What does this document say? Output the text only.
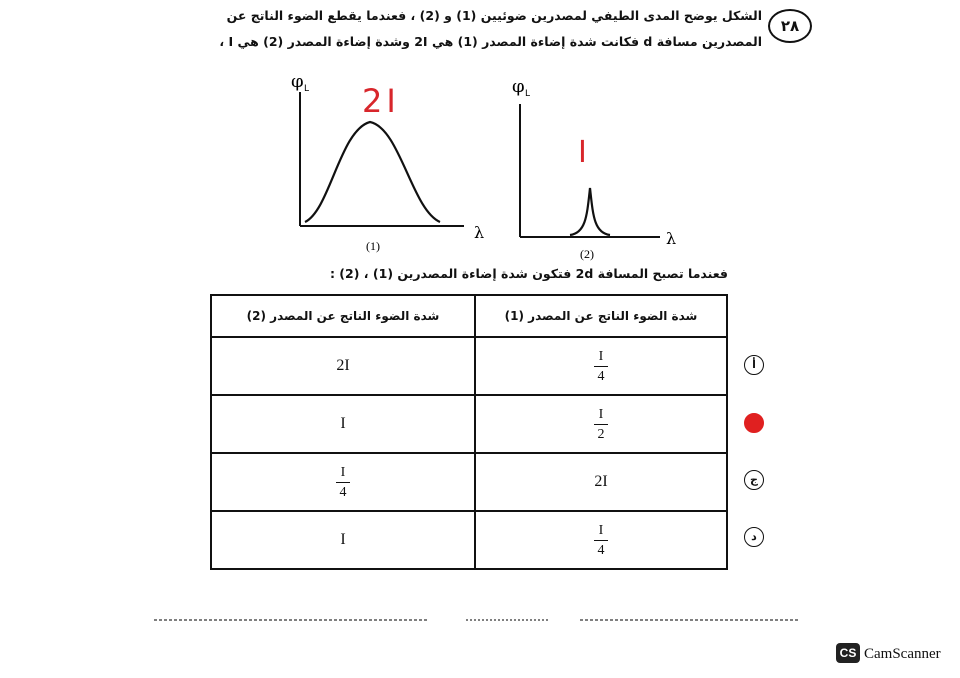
٢٨
الشكل يوضح المدى الطيفي لمصدرين ضوئيين (1) و (2) ، فعندما يقطع الضوء الناتج عن
المصدرين مسافة d فكانت شدة إضاءة المصدر (1) هي 2I وشدة إضاءة المصدر (2) هي I ،
φ L
λ
(1)
2I	φ L
λ
(2)
I
فعندما تصبح المسافة 2d فتكون شدة إضاءة المصدرين (1) ، (2) :
شدة الضوء الناتج عن المصدر (2)	شدة الضوء الناتج عن المصدر (1)
2I	$\frac{I}{4}$

I	$\frac{I}{2}$

$\frac{I}{4}$	2I
I	$\frac{I}{4}$
أ
ج
د
CS CamScanner
